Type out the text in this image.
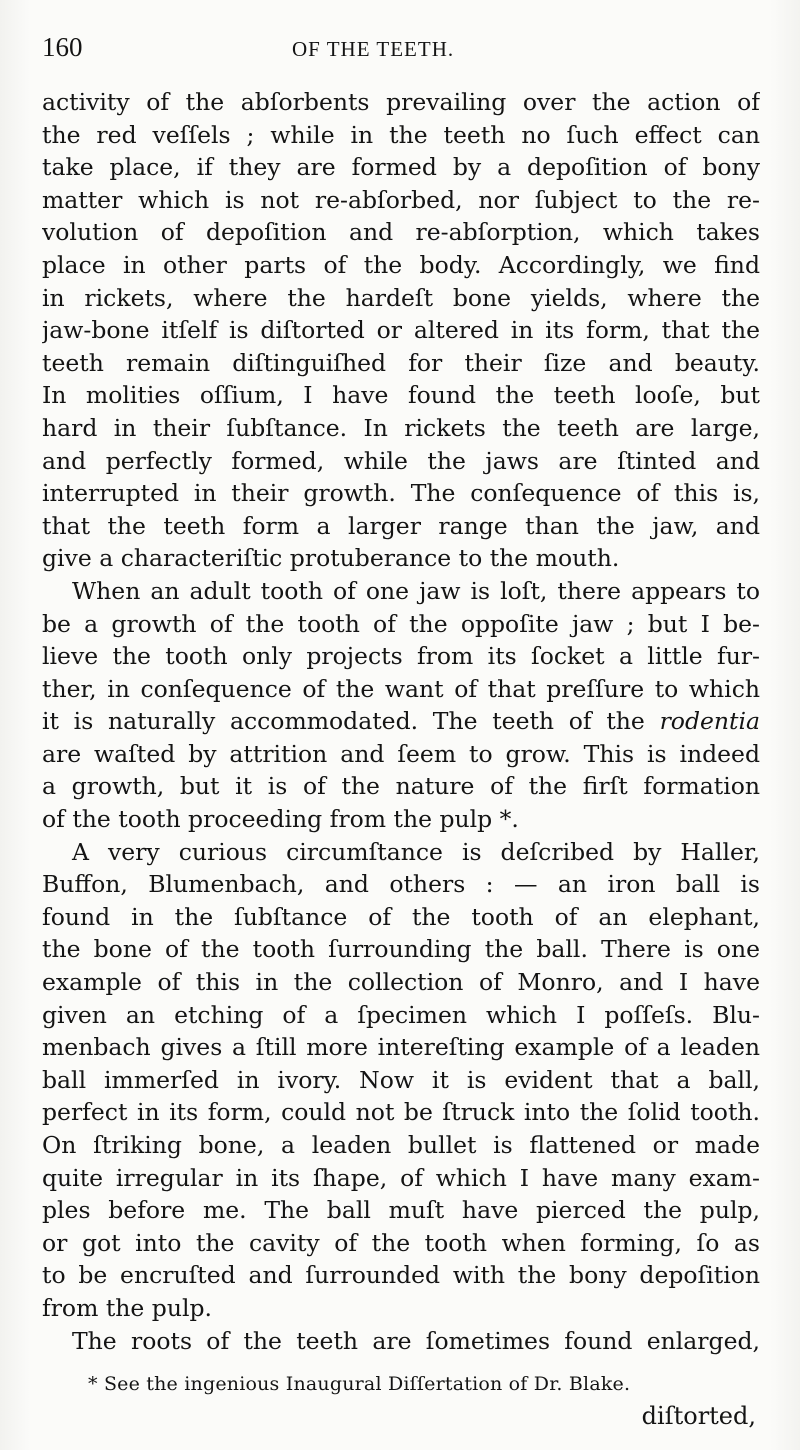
160	OF THE TEETH.
activity of the abſorbents prevailing over the action of
the red veſſels ; while in the teeth no ſuch effect can
take place, if they are formed by a depoſition of bony
matter which is not re-abſorbed, nor ſubject to the re-
volution of depoſition and re-abſorption, which takes
place in other parts of the body. Accordingly, we find
in rickets, where the hardeſt bone yields, where the
jaw-bone itſelf is diſtorted or altered in its form, that the
teeth remain diſtinguiſhed for their ſize and beauty.
In molities oſſium, I have found the teeth looſe, but
hard in their ſubſtance. In rickets the teeth are large,
and perfectly formed, while the jaws are ſtinted and
interrupted in their growth. The conſequence of this is,
that the teeth form a larger range than the jaw, and
give a characteriſtic protuberance to the mouth.
When an adult tooth of one jaw is loſt, there appears to
be a growth of the tooth of the oppoſite jaw ; but I be-
lieve the tooth only projects from its ſocket a little fur-
ther, in conſequence of the want of that preſſure to which
it is naturally accommodated. The teeth of the rodentia
are waſted by attrition and ſeem to grow. This is indeed
a growth, but it is of the nature of the firſt formation
of the tooth proceeding from the pulp *.
A very curious circumſtance is deſcribed by Haller,
Buffon, Blumenbach, and others : — an iron ball is
found in the ſubſtance of the tooth of an elephant,
the bone of the tooth ſurrounding the ball. There is one
example of this in the collection of Monro, and I have
given an etching of a ſpecimen which I poſſeſs. Blu-
menbach gives a ſtill more intereſting example of a leaden
ball immerſed in ivory. Now it is evident that a ball,
perfect in its form, could not be ſtruck into the ſolid tooth.
On ſtriking bone, a leaden bullet is flattened or made
quite irregular in its ſhape, of which I have many exam-
ples before me. The ball muſt have pierced the pulp,
or got into the cavity of the tooth when forming, ſo as
to be encruſted and ſurrounded with the bony depoſition
from the pulp.
The roots of the teeth are ſometimes found enlarged,
* See the ingenious Inaugural Diſſertation of Dr. Blake.
diſtorted,
